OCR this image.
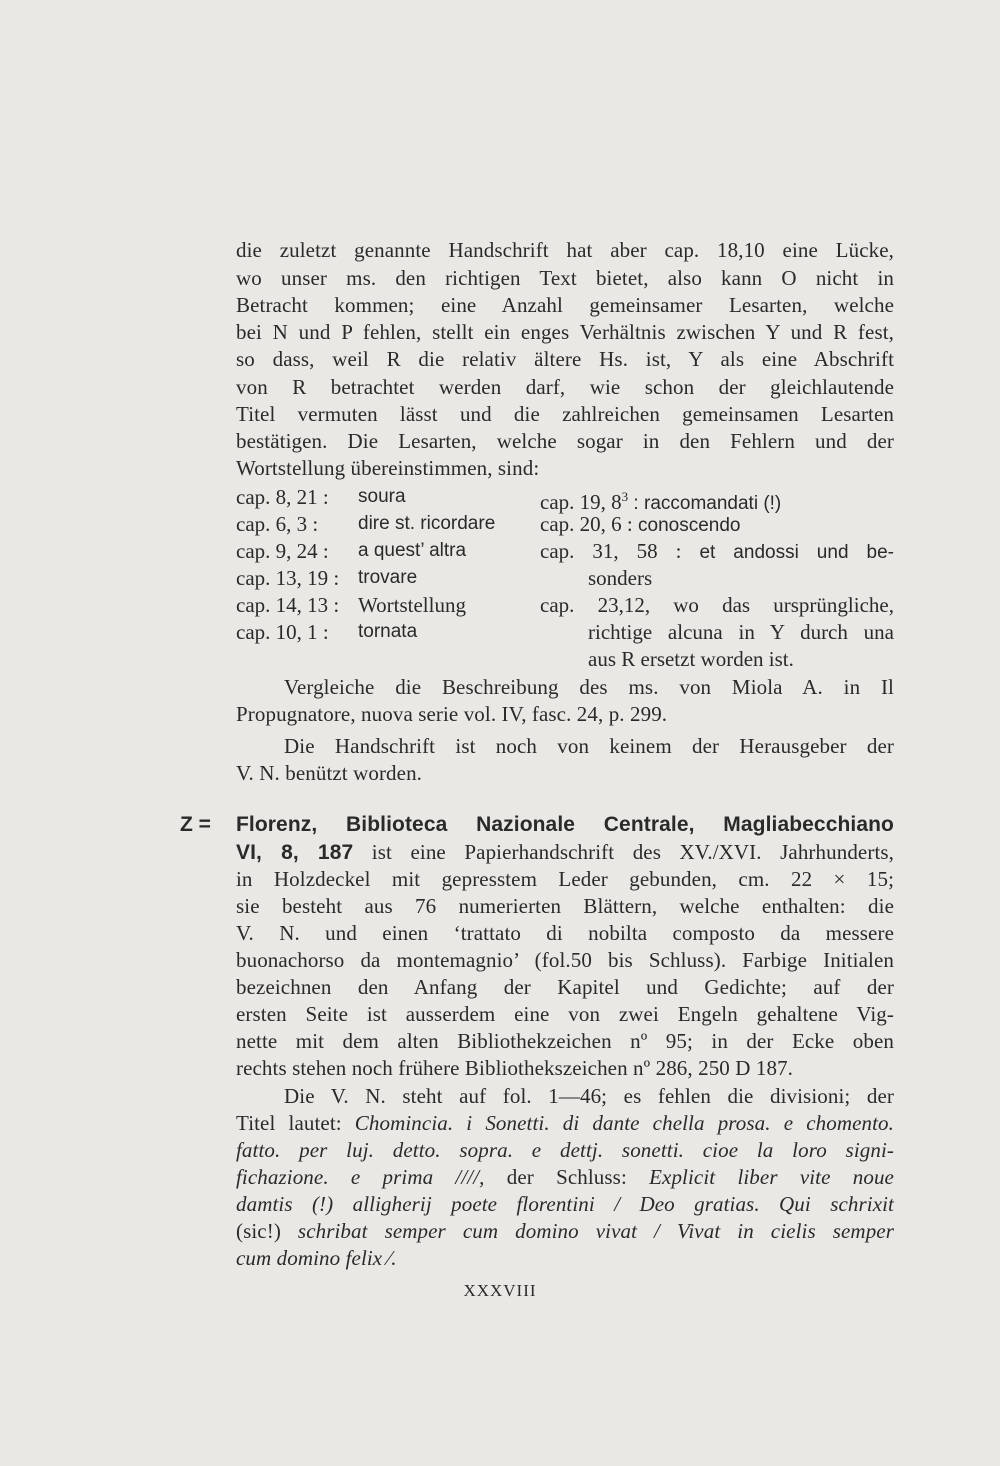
die zuletzt genannte Handschrift hat aber cap. 18,10 eine Lücke,
wo unser ms. den richtigen Text bietet, also kann O nicht in
Betracht kommen; eine Anzahl gemeinsamer Lesarten, welche
bei N und P fehlen, stellt ein enges Verhältnis zwischen Y und R fest,
so dass, weil R die relativ ältere Hs. ist, Y als eine Abschrift
von R betrachtet werden darf, wie schon der gleichlautende
Titel vermuten lässt und die zahlreichen gemeinsamen Lesarten
bestätigen. Die Lesarten, welche sogar in den Fehlern und der
Wortstellung übereinstimmen, sind:
cap. 8, 21 : soura
cap. 6, 3 : dire st. ricordare
cap. 9, 24 : a quest’ altra
cap. 13, 19 : trovare
cap. 14, 13 : Wortstellung
cap. 10, 1 : tornata
cap. 19, $8^3$ : raccomandati (!)
cap. 20, 6 : conoscendo
cap. 31, 58 : et andossi und be-
sonders
cap. 23,12, wo das ursprüngliche,
richtige alcuna in Y durch una
aus R ersetzt worden ist.
Vergleiche die Beschreibung des ms. von Miola A. in Il
Propugnatore, nuova serie vol. IV, fasc. 24, p. 299.
Die Handschrift ist noch von keinem der Herausgeber der
V. N. benützt worden.
Z = Florenz, Biblioteca Nazionale Centrale, Magliabecchiano
VI, 8, 187 ist eine Papierhandschrift des XV./XVI. Jahrhunderts,
in Holzdeckel mit gepresstem Leder gebunden, cm. 22 × 15;
sie besteht aus 76 numerierten Blättern, welche enthalten: die
V. N. und einen ‘trattato di nobilta composto da messere
buonachorso da montemagnio’ (fol.50 bis Schluss). Farbige Initialen
bezeichnen den Anfang der Kapitel und Gedichte; auf der
ersten Seite ist ausserdem eine von zwei Engeln gehaltene Vig-
nette mit dem alten Bibliothekzeichen nº 95; in der Ecke oben
rechts stehen noch frühere Bibliothekszeichen nº 286, 250 D 187.
Die V. N. steht auf fol. 1—46; es fehlen die divisioni; der
Titel lautet: Chomincia. i Sonetti. di dante chella prosa. e chomento.
fatto. per luj. detto. sopra. e dettj. sonetti. cioe la loro signi-
fichazione. e prima ////, der Schluss: Explicit liber vite noue
damtis (!) alligherij poete florentini / Deo gratias. Qui schrixit
(sic!) schrіbat semper cum domino vivat / Vivat in cielis semper
cum domino felix ⁄.
XXXVIII
